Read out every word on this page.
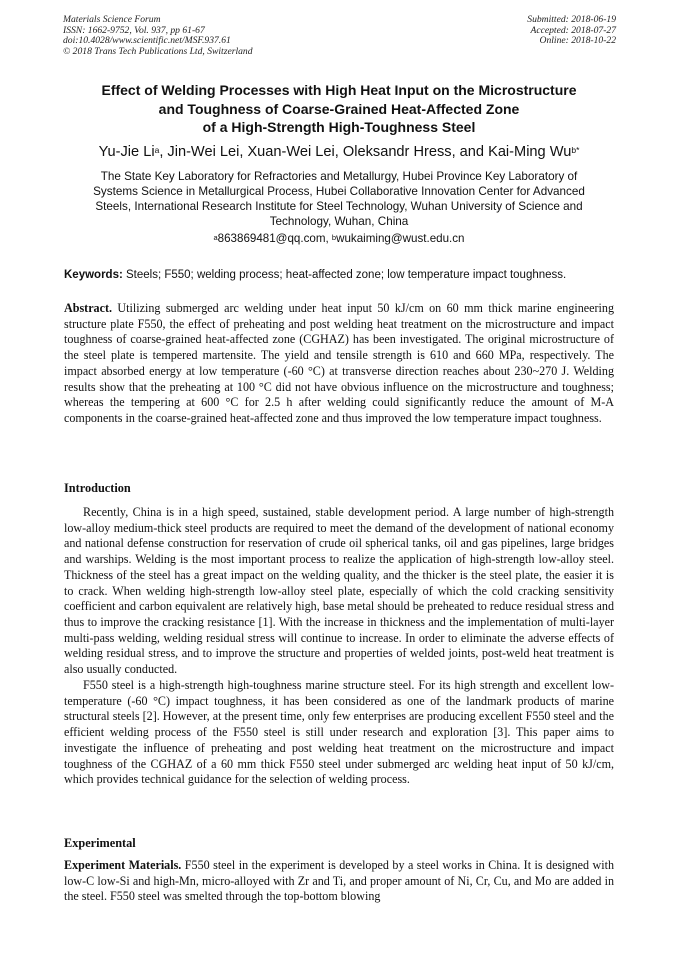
Materials Science Forum
ISSN: 1662-9752, Vol. 937, pp 61-67
doi:10.4028/www.scientific.net/MSF.937.61
© 2018 Trans Tech Publications Ltd, Switzerland
Submitted: 2018-06-19
Accepted: 2018-07-27
Online: 2018-10-22
Effect of Welding Processes with High Heat Input on the Microstructure
and Toughness of Coarse-Grained Heat-Affected Zone
of a High-Strength High-Toughness Steel
Yu-Jie Li$^a$, Jin-Wei Lei, Xuan-Wei Lei, Oleksandr Hress, and Kai-Ming $Wu^{b*}$
The State Key Laboratory for Refractories and Metallurgy, Hubei Province Key Laboratory of
Systems Science in Metallurgical Process, Hubei Collaborative Innovation Center for Advanced
Steels, International Research Institute for Steel Technology, Wuhan University of Science and
Technology, Wuhan, China
$^a$863869481@qq.com, $^b$wukaiming@wust.edu.cn
Keywords: Steels; F550; welding process; heat-affected zone; low temperature impact toughness.

Abstract. Utilizing submerged arc welding under heat input 50 kJ/cm on 60 mm thick marine engineering structure plate F550, the effect of preheating and post welding heat treatment on the microstructure and impact toughness of coarse-grained heat-affected zone (CGHAZ) has been investigated. The original microstructure of the steel plate is tempered martensite. The yield and tensile strength is 610 and 660 MPa, respectively. The impact absorbed energy at low temperature (-60 °C) at transverse direction reaches about 230~270 J. Welding results show that the preheating at 100 °C did not have obvious influence on the microstructure and toughness; whereas the tempering at 600 °C for 2.5 h after welding could significantly reduce the amount of M-A components in the coarse-grained heat-affected zone and thus improved the low temperature impact toughness.

Introduction

Recently, China is in a high speed, sustained, stable development period. A large number of high-strength low-alloy medium-thick steel products are required to meet the demand of the development of national economy and national defense construction for reservation of crude oil spherical tanks, oil and gas pipelines, large bridges and warships. Welding is the most important process to realize the application of high-strength low-alloy steel. Thickness of the steel has a great impact on the welding quality, and the thicker is the steel plate, the easier it is to crack. When welding high-strength low-alloy steel plate, especially of which the cold cracking sensitivity coefficient and carbon equivalent are relatively high, base metal should be preheated to reduce residual stress and thus to improve the cracking resistance [1]. With the increase in thickness and the implementation of multi-layer multi-pass welding, welding residual stress will continue to increase. In order to eliminate the adverse effects of welding residual stress, and to improve the structure and properties of welded joints, post-weld heat treatment is also usually conducted.

F550 steel is a high-strength high-toughness marine structure steel. For its high strength and excellent low-temperature (-60 °C) impact toughness, it has been considered as one of the landmark products of marine structural steels [2]. However, at the present time, only few enterprises are producing excellent F550 steel and the efficient welding process of the F550 steel is still under research and exploration [3]. This paper aims to investigate the influence of preheating and post welding heat treatment on the microstructure and impact toughness of the CGHAZ of a 60 mm thick F550 steel under submerged arc welding heat input of 50 kJ/cm, which provides technical guidance for the selection of welding process.

Experimental

Experiment Materials. F550 steel in the experiment is developed by a steel works in China. It is designed with low-C low-Si and high-Mn, micro-alloyed with Zr and Ti, and proper amount of Ni, Cr, Cu, and Mo are added in the steel. F550 steel was smelted through the top-bottom blowing
